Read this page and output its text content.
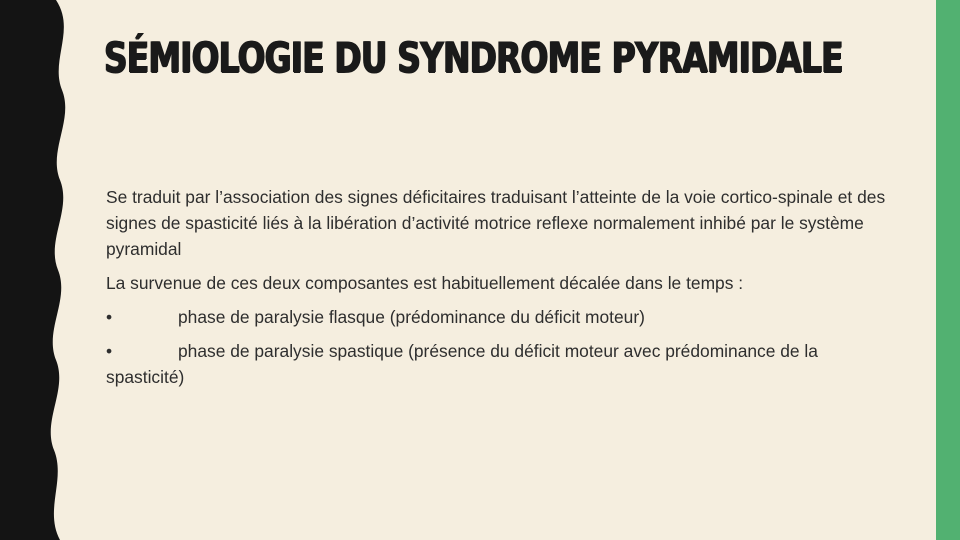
SÉMIOLOGIE DU SYNDROME PYRAMIDALE

Se traduit par l’association des signes déficitaires traduisant l’atteinte de la voie cortico-spinale et des signes de spasticité liés à la libération d’activité motrice reflexe normalement inhibé par le système pyramidal

La survenue de ces deux composantes est habituellement décalée dans le temps :

•	phase de paralysie flasque (prédominance du déficit moteur)

•	phase de paralysie spastique (présence du déficit moteur avec prédominance de la spasticité)
